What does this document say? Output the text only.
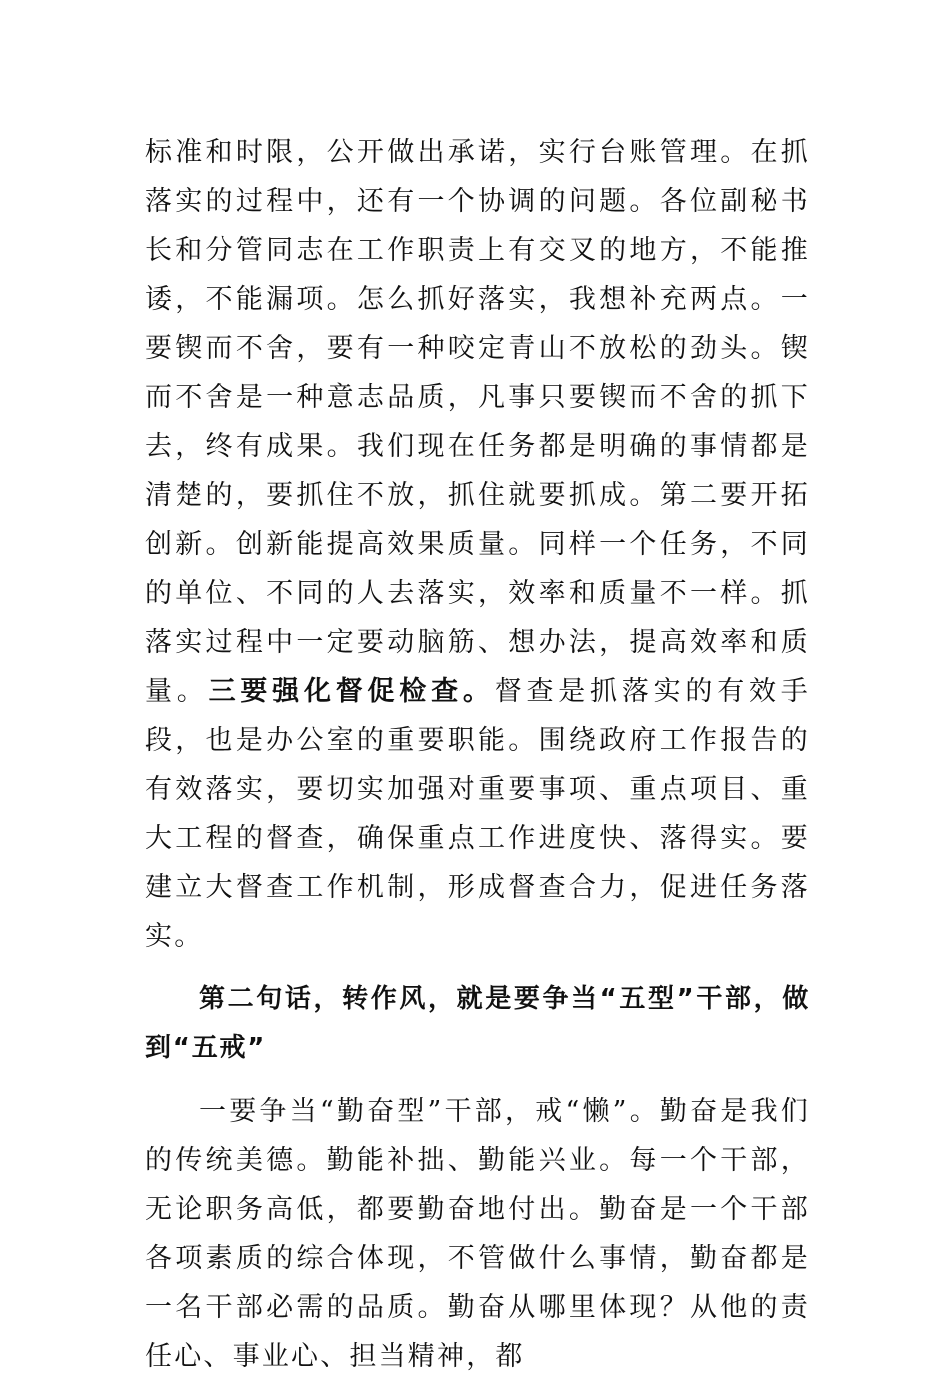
标准和时限，公开做出承诺，实行台账管理。在抓落实的过程中，还有一个协调的问题。各位副秘书长和分管同志在工作职责上有交叉的地方，不能推诿，不能漏项。怎么抓好落实，我想补充两点。一要锲而不舍，要有一种咬定青山不放松的劲头。锲而不舍是一种意志品质，凡事只要锲而不舍的抓下去，终有成果。我们现在任务都是明确的事情都是清楚的，要抓住不放，抓住就要抓成。第二要开拓创新。创新能提高效果质量。同样一个任务，不同的单位、不同的人去落实，效率和质量不一样。抓落实过程中一定要动脑筋、想办法，提高效率和质量。三要强化督促检查。督查是抓落实的有效手段，也是办公室的重要职能。围绕政府工作报告的有效落实，要切实加强对重要事项、重点项目、重大工程的督查，确保重点工作进度快、落得实。要建立大督查工作机制，形成督查合力，促进任务落实。

第二句话，转作风，就是要争当“五型”干部，做到“五戒”

一要争当“勤奋型”干部，戒“懒”。勤奋是我们的传统美德。勤能补拙、勤能兴业。每一个干部，无论职务高低，都要勤奋地付出。勤奋是一个干部各项素质的综合体现，不管做什么事情，勤奋都是一名干部必需的品质。勤奋从哪里体现？从他的责任心、事业心、担当精神，都
